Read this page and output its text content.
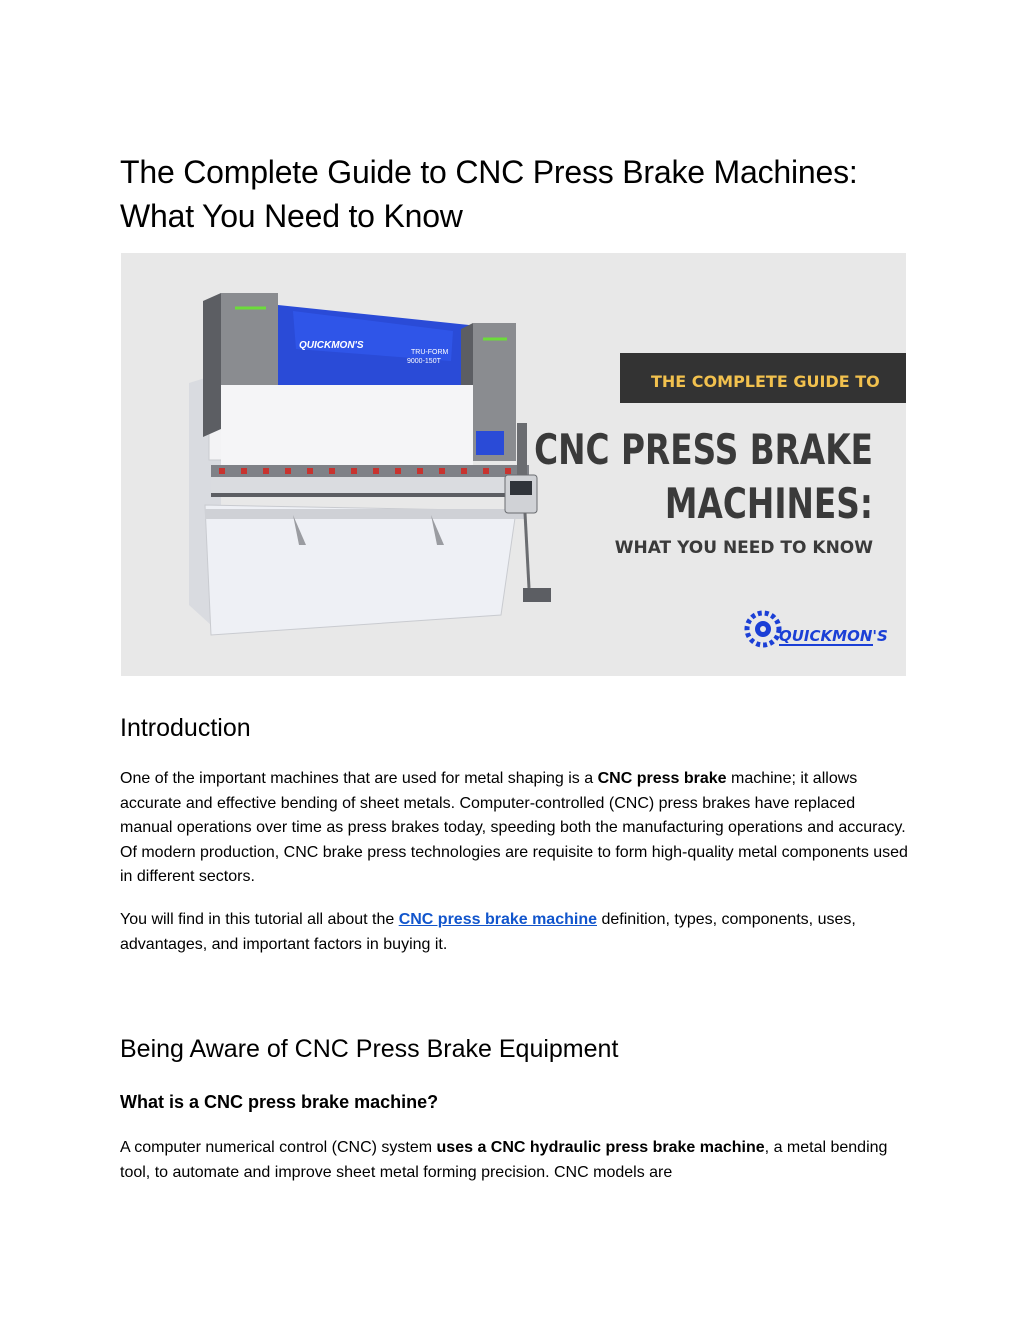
The Complete Guide to CNC Press Brake Machines:
What You Need to Know
QUICKMON'S
TRU-FORM
9000-150T
THE COMPLETE GUIDE TO
CNC PRESS BRAKE
MACHINES:
WHAT YOU NEED TO KNOW
QUICKMON'S
Introduction

One of the important machines that are used for metal shaping is a CNC press brake machine; it allows accurate and effective bending of sheet metals. Computer-controlled (CNC) press brakes have replaced manual operations over time as press brakes today, speeding both the manufacturing operations and accuracy. Of modern production, CNC brake press technologies are requisite to form high-quality metal components used in different sectors.

You will find in this tutorial all about the CNC press brake machine definition, types, components, uses, advantages, and important factors in buying it.

Being Aware of CNC Press Brake Equipment
What is a CNC press brake machine?

A computer numerical control (CNC) system uses a CNC hydraulic press brake machine, a metal bending tool, to automate and improve sheet metal forming precision. CNC models are
